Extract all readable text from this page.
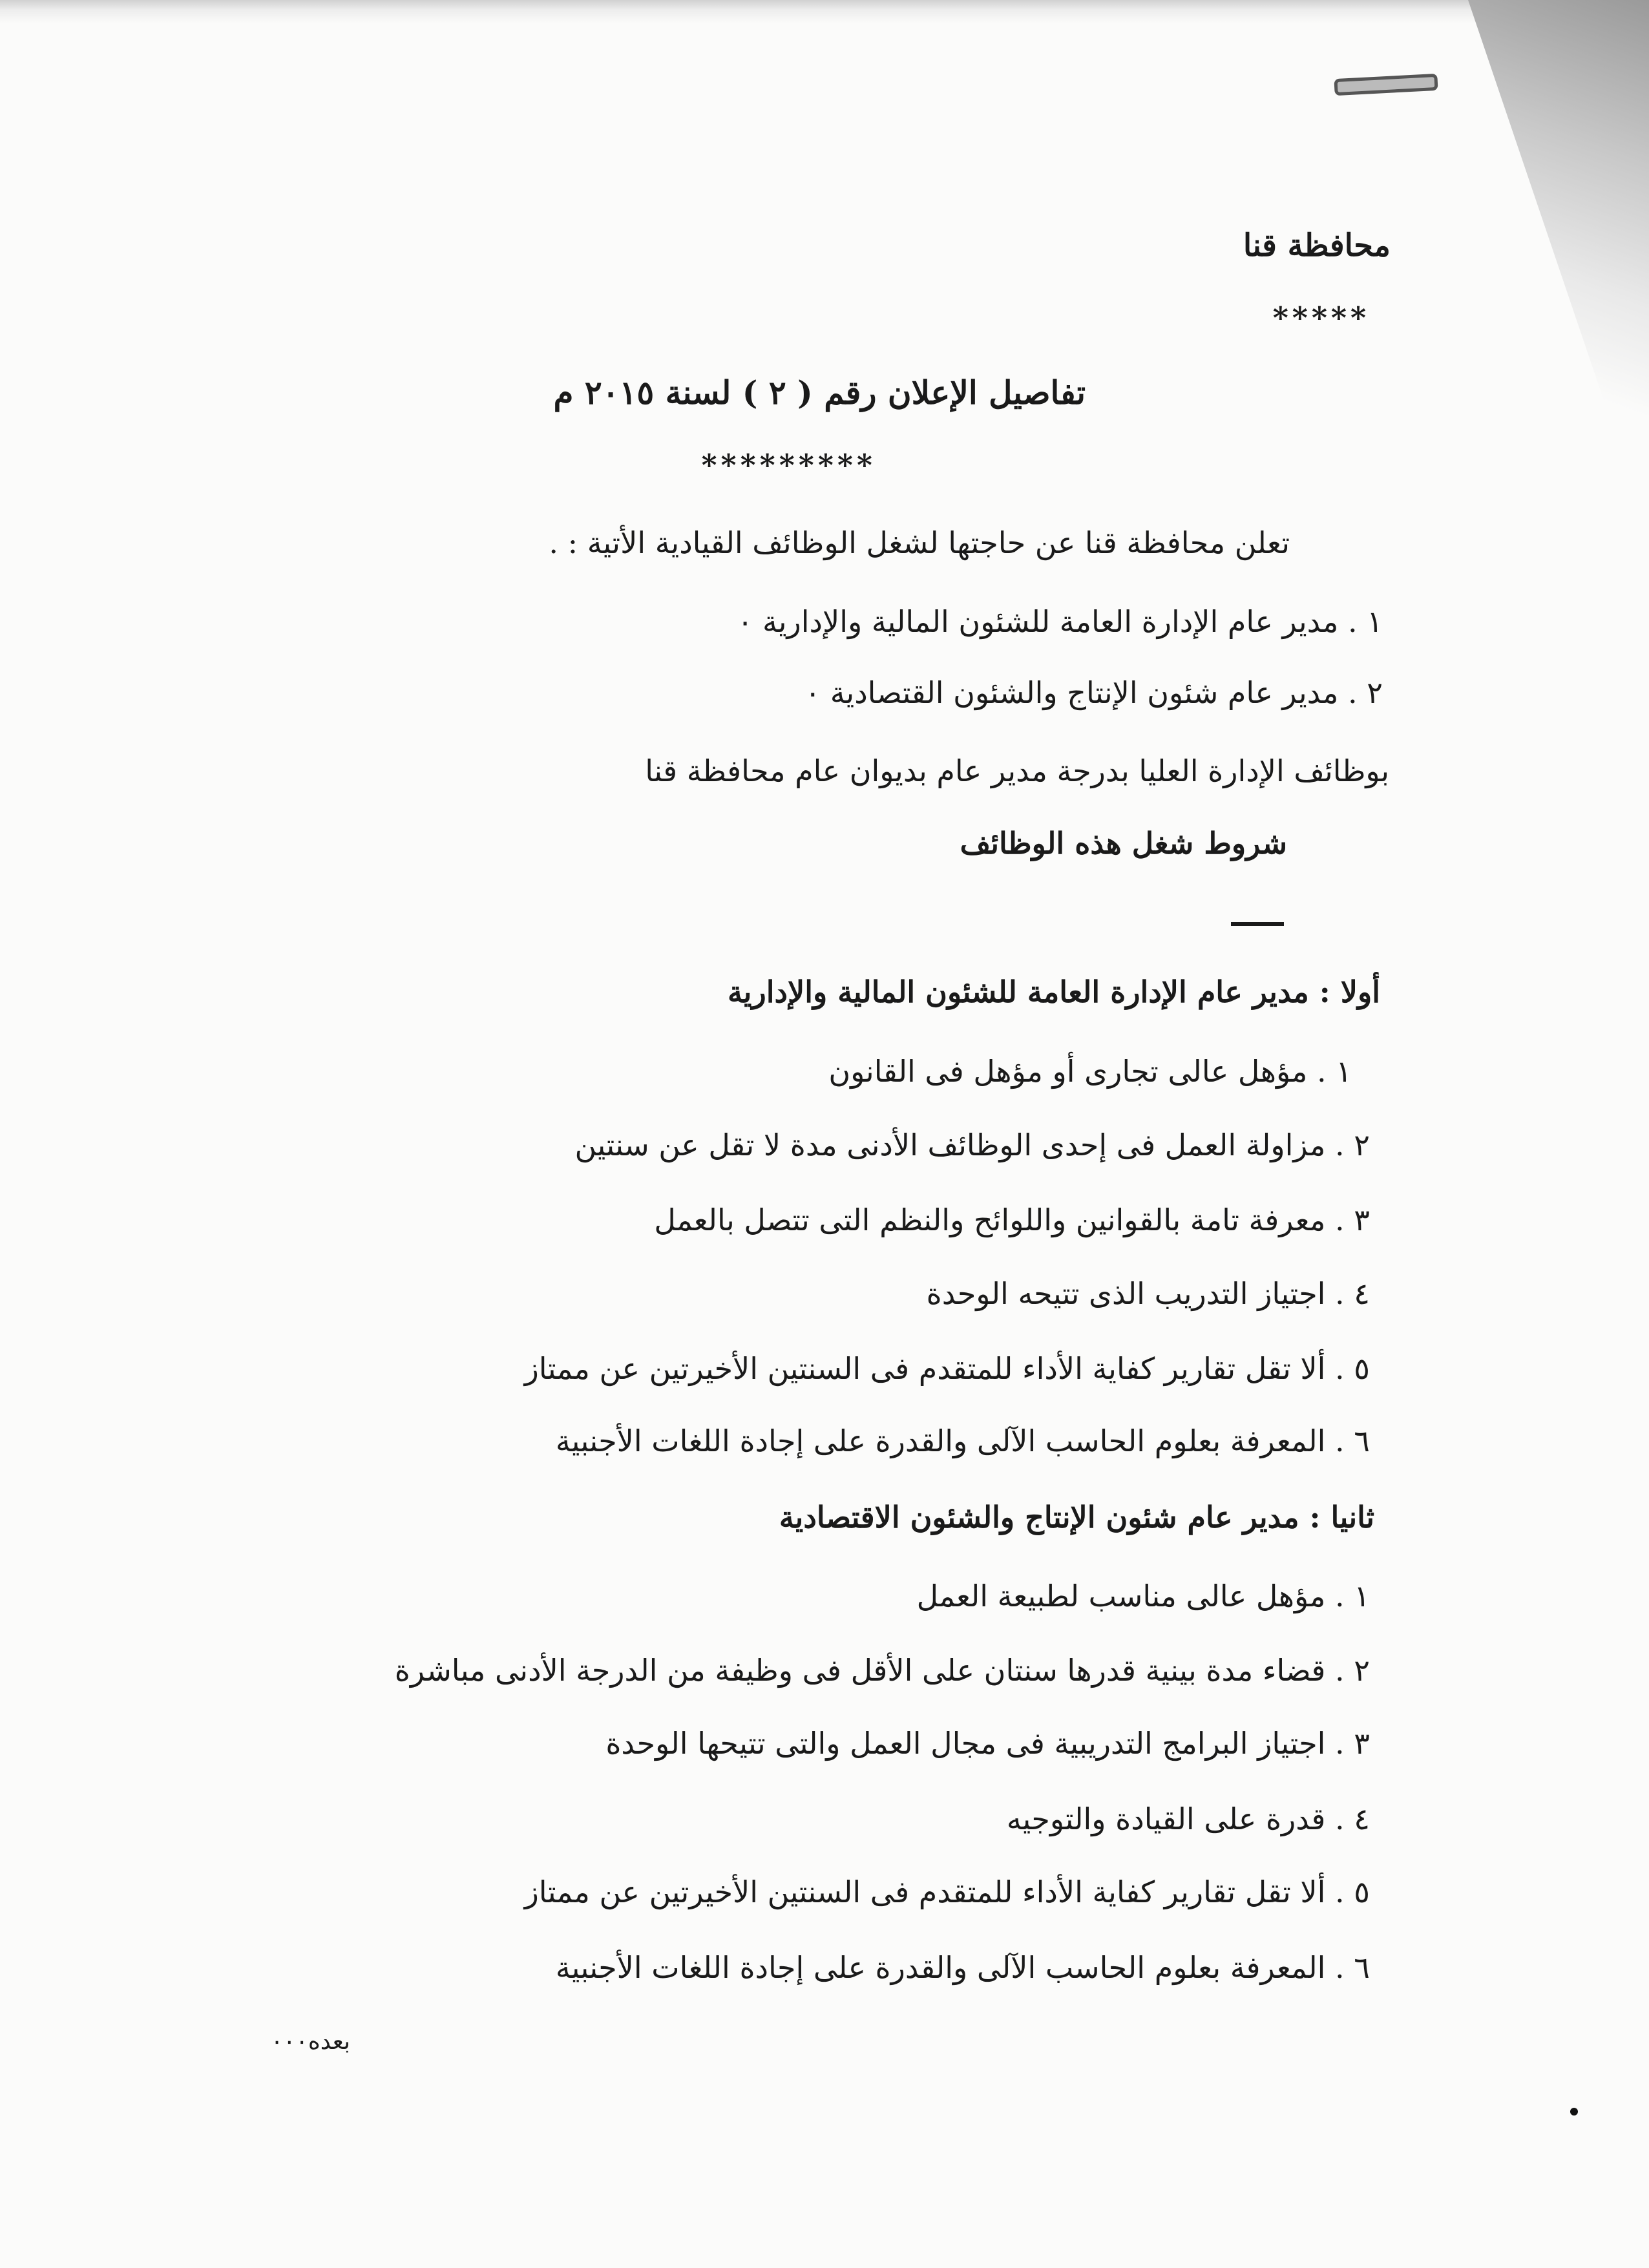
محافظة قنا
*****
تفاصيل الإعلان رقم ( ٢ ) لسنة ٢٠١٥ م
*********
تعلن محافظة قنا عن حاجتها لشغل الوظائف القيادية الأتية : .
١ . مدير عام الإدارة العامة للشئون المالية والإدارية ٠
٢ . مدير عام شئون الإنتاج والشئون القتصادية ٠
بوظائف الإدارة العليا بدرجة مدير عام بديوان عام محافظة قنا
شروط شغل هذه الوظائف
أولا : مدير عام الإدارة العامة للشئون المالية والإدارية
١ . مؤهل عالى تجارى أو مؤهل فى القانون
٢ . مزاولة العمل فى إحدى الوظائف الأدنى مدة لا تقل عن سنتين
٣ . معرفة تامة بالقوانين واللوائح والنظم التى تتصل بالعمل
٤ . اجتياز التدريب الذى تتيحه الوحدة
٥ . ألا تقل تقارير كفاية الأداء للمتقدم فى السنتين الأخيرتين عن ممتاز
٦ . المعرفة بعلوم الحاسب الآلى والقدرة على إجادة اللغات الأجنبية
ثانيا : مدير عام شئون الإنتاج والشئون الاقتصادية
١ . مؤهل عالى مناسب لطبيعة العمل
٢ . قضاء مدة بينية قدرها سنتان على الأقل فى وظيفة من الدرجة الأدنى مباشرة
٣ . اجتياز البرامج التدريبية فى مجال العمل والتى تتيحها الوحدة
٤ . قدرة على القيادة والتوجيه
٥ . ألا تقل تقارير كفاية الأداء للمتقدم فى السنتين الأخيرتين عن ممتاز
٦ . المعرفة بعلوم الحاسب الآلى والقدرة على إجادة اللغات الأجنبية
بعده٠٠٠
